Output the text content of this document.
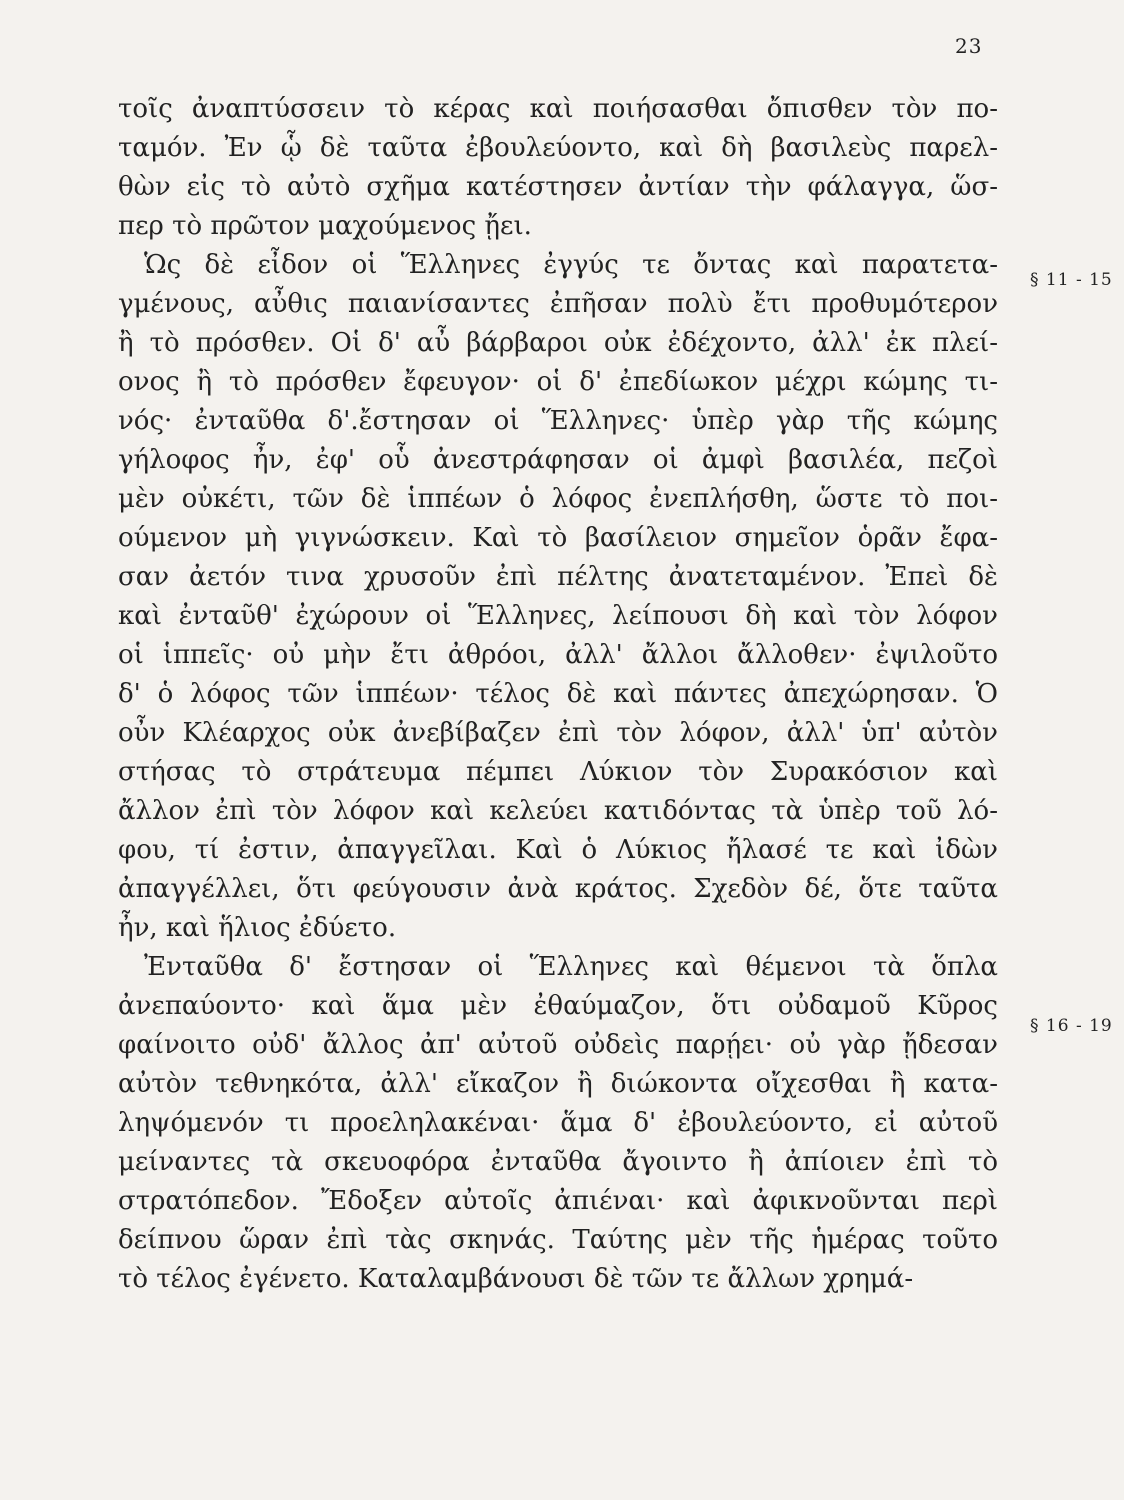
23
τοῖς ἀναπτύσσειν τὸ κέρας καὶ ποιήσασθαι ὄπισθεν τὸν πο-
ταμόν. Ἐν ᾧ δὲ ταῦτα ἐβουλεύοντο, καὶ δὴ βασιλεὺς παρελ-
θὼν εἰς τὸ αὐτὸ σχῆμα κατέστησεν ἀντίαν τὴν φάλαγγα, ὥσ-
περ τὸ πρῶτον μαχούμενος ᾔει.
Ὡς δὲ εἶδον οἱ Ἕλληνες ἐγγύς τε ὄντας καὶ παρατετα-
γμένους, αὖθις παιανίσαντες ἐπῆσαν πολὺ ἔτι προθυμότερον
ἢ τὸ πρόσθεν. Οἱ δ' αὖ βάρβαροι οὐκ ἐδέχοντο, ἀλλ' ἐκ πλεί-
ονος ἢ τὸ πρόσθεν ἔφευγον· οἱ δ' ἐπεδίωκον μέχρι κώμης τι-
νός· ἐνταῦθα δ'.ἔστησαν οἱ Ἕλληνες· ὑπὲρ γὰρ τῆς κώμης
γήλοφος ἦν, ἐφ' οὗ ἀνεστράφησαν οἱ ἀμφὶ βασιλέα, πεζοὶ
μὲν οὐκέτι, τῶν δὲ ἱππέων ὁ λόφος ἐνεπλήσθη, ὥστε τὸ ποι-
ούμενον μὴ γιγνώσκειν. Καὶ τὸ βασίλειον σημεῖον ὁρᾶν ἔφα-
σαν ἀετόν τινα χρυσοῦν ἐπὶ πέλτης ἀνατεταμένον. Ἐπεὶ δὲ
καὶ ἐνταῦθ' ἐχώρουν οἱ Ἕλληνες, λείπουσι δὴ καὶ τὸν λόφον
οἱ ἱππεῖς· οὐ μὴν ἔτι ἀθρόοι, ἀλλ' ἄλλοι ἄλλοθεν· ἐψιλοῦτο
δ' ὁ λόφος τῶν ἱππέων· τέλος δὲ καὶ πάντες ἀπεχώρησαν. Ὁ
οὖν Κλέαρχος οὐκ ἀνεβίβαζεν ἐπὶ τὸν λόφον, ἀλλ' ὑπ' αὐτὸν
στήσας τὸ στράτευμα πέμπει Λύκιον τὸν Συρακόσιον καὶ
ἄλλον ἐπὶ τὸν λόφον καὶ κελεύει κατιδόντας τὰ ὑπὲρ τοῦ λό-
φου, τί ἐστιν, ἀπαγγεῖλαι. Καὶ ὁ Λύκιος ἤλασέ τε καὶ ἰδὼν
ἀπαγγέλλει, ὅτι φεύγουσιν ἀνὰ κράτος. Σχεδὸν δέ, ὅτε ταῦτα
ἦν, καὶ ἥλιος ἐδύετο.
Ἐνταῦθα δ' ἔστησαν οἱ Ἕλληνες καὶ θέμενοι τὰ ὅπλα
ἀνεπαύοντο· καὶ ἅμα μὲν ἐθαύμαζον, ὅτι οὐδαμοῦ Κῦρος
φαίνοιτο οὐδ' ἄλλος ἀπ' αὐτοῦ οὐδεὶς παρῄει· οὐ γὰρ ᾔδεσαν
αὐτὸν τεθνηκότα, ἀλλ' εἴκαζον ἢ διώκοντα οἴχεσθαι ἢ κατα-
ληψόμενόν τι προεληλακέναι· ἅμα δ' ἐβουλεύοντο, εἰ αὐτοῦ
μείναντες τὰ σκευοφόρα ἐνταῦθα ἄγοιντο ἢ ἀπίοιεν ἐπὶ τὸ
στρατόπεδον. Ἔδοξεν αὐτοῖς ἀπιέναι· καὶ ἀφικνοῦνται περὶ
δείπνου ὥραν ἐπὶ τὰς σκηνάς. Ταύτης μὲν τῆς ἡμέρας τοῦτο
τὸ τέλος ἐγένετο. Καταλαμβάνουσι δὲ τῶν τε ἄλλων χρημά-
§ 11 - 15
§ 16 - 19
